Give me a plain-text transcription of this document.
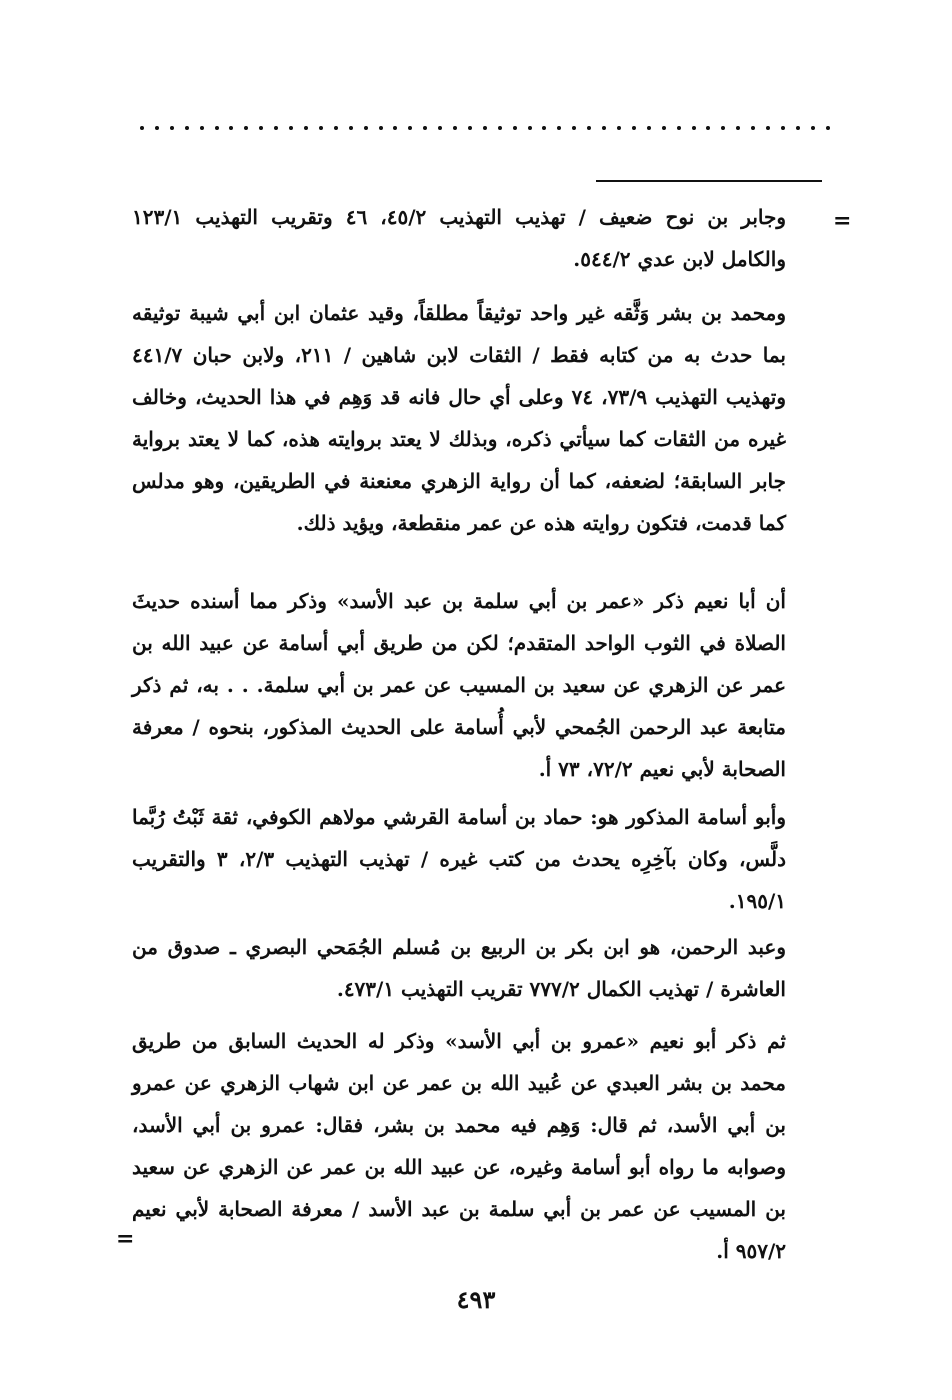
=
وجابر بن نوح ضعيف / تهذيب التهذيب ٤٥/٢، ٤٦ وتقريب التهذيب ١٢٣/١ والكامل لابن عدي ٥٤٤/٢.
ومحمد بن بشر وَثَّقه غير واحد توثيقاً مطلقاً، وقيد عثمان ابن أبي شيبة توثيقه بما حدث به من كتابه فقط / الثقات لابن شاهين / ٢١١، ولابن حبان ٤٤١/٧ وتهذيب التهذيب ٧٣/٩، ٧٤ وعلى أي حال فانه قد وَهِم في هذا الحديث، وخالف غيره من الثقات كما سيأتي ذكره، وبذلك لا يعتد بروايته هذه، كما لا يعتد برواية جابر السابقة؛ لضعفه، كما أن رواية الزهري معنعنة في الطريقين، وهو مدلس كما قدمت، فتكون روايته هذه عن عمر منقطعة، ويؤيد ذلك.
أن أبا نعيم ذكر «عمر بن أبي سلمة بن عبد الأسد» وذكر مما أسنده حديثَ الصلاة في الثوب الواحد المتقدم؛ لكن من طريق أبي أسامة عن عبيد الله بن عمر عن الزهري عن سعيد بن المسيب عن عمر بن أبي سلمة. . . به، ثم ذكر متابعة عبد الرحمن الجُمحي لأبي أُسامة على الحديث المذكور، بنحوه / معرفة الصحابة لأبي نعيم ٧٢/٢، ٧٣ أ.
وأبو أسامة المذكور هو: حماد بن أسامة القرشي مولاهم الكوفي، ثقة ثَبْتُ رُبَّما دلَّس، وكان بآخِرِه يحدث من كتب غيره / تهذيب التهذيب ٢/٣، ٣ والتقريب ١٩٥/١.
وعبد الرحمن، هو ابن بكر بن الربيع بن مُسلم الجُمَحي البصري ـ صدوق من العاشرة / تهذيب الكمال ٧٧٧/٢ تقريب التهذيب ٤٧٣/١.
ثم ذكر أبو نعيم «عمرو بن أبي الأسد» وذكر له الحديث السابق من طريق محمد بن بشر العبدي عن عُبيد الله بن عمر عن ابن شهاب الزهري عن عمرو بن أبي الأسد، ثم قال: وَهِم فيه محمد بن بشر، فقال: عمرو بن أبي الأسد، وصوابه ما رواه أبو أسامة وغيره، عن عبيد الله بن عمر عن الزهري عن سعيد بن المسيب عن عمر بن أبي سلمة بن عبد الأسد / معرفة الصحابة لأبي نعيم ٩٥٧/٢ أ.
=
٤٩٣
